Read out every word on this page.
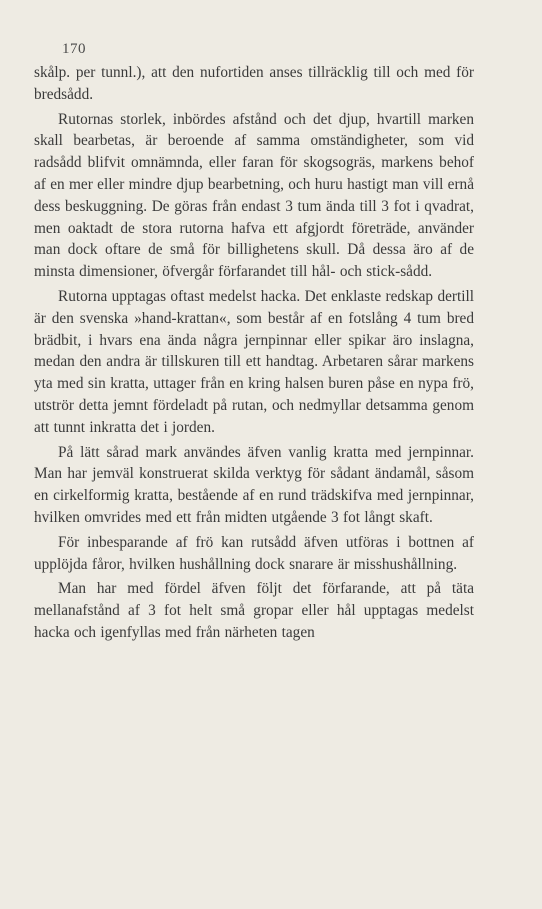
170

skålp. per tunnl.), att den nufortiden anses tillräcklig till och med för bredsådd.

Rutornas storlek, inbördes afstånd och det djup, hvartill marken skall bearbetas, är beroende af samma omständigheter, som vid radsådd blifvit omnämnda, eller faran för skogsogräs, markens behof af en mer eller mindre djup bearbetning, och huru hastigt man vill ernå dess beskuggning. De göras från endast 3 tum ända till 3 fot i qvadrat, men oaktadt de stora rutorna hafva ett afgjordt företräde, använder man dock oftare de små för billighetens skull. Då dessa äro af de minsta dimensioner, öfvergår förfarandet till hål- och stick-sådd.

Rutorna upptagas oftast medelst hacka. Det enklaste redskap dertill är den svenska »hand-krattan«, som består af en fotslång 4 tum bred brädbit, i hvars ena ända några jernpinnar eller spikar äro inslagna, medan den andra är tillskuren till ett handtag. Arbetaren sårar markens yta med sin kratta, uttager från en kring halsen buren påse en nypa frö, utströr detta jemnt fördeladt på rutan, och nedmyllar detsamma genom att tunnt inkratta det i jorden.

På lätt sårad mark användes äfven vanlig kratta med jernpinnar. Man har jemväl konstruerat skilda verktyg för sådant ändamål, såsom en cirkelformig kratta, bestående af en rund trädskifva med jernpinnar, hvilken omvrides med ett från midten utgående 3 fot långt skaft.

För inbesparande af frö kan rutsådd äfven utföras i bottnen af upplöjda fåror, hvilken hushållning dock snarare är misshushållning.

Man har med fördel äfven följt det förfarande, att på täta mellanafstånd af 3 fot helt små gropar eller hål upptagas medelst hacka och igenfyllas med från närheten tagen
